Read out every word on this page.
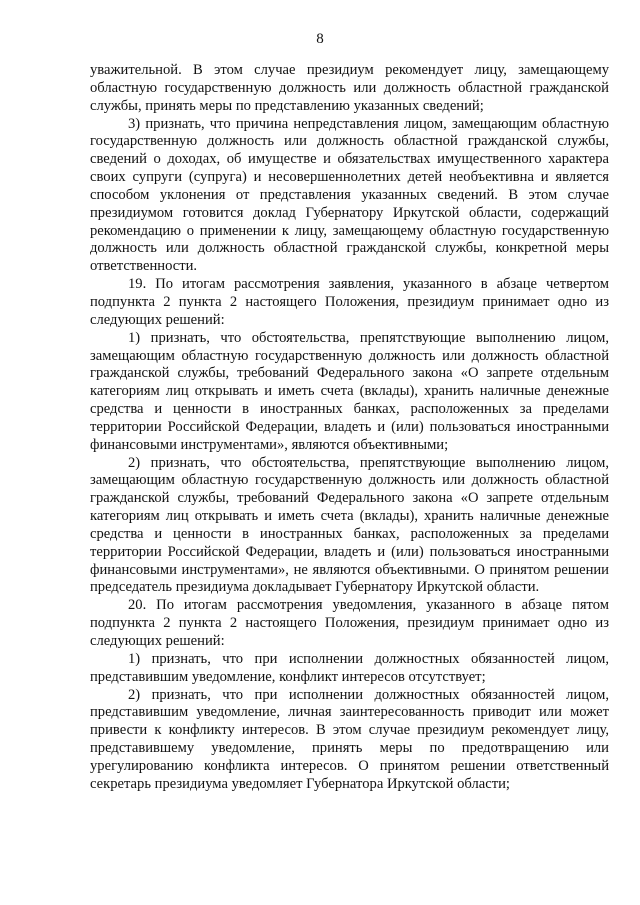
8

уважительной. В этом случае президиум рекомендует лицу, замещающему областную государственную должность или должность областной гражданской службы, принять меры по представлению указанных сведений;

3) признать, что причина непредставления лицом, замещающим областную государственную должность или должность областной гражданской службы, сведений о доходах, об имуществе и обязательствах имущественного характера своих супруги (супруга) и несовершеннолетних детей необъективна и является способом уклонения от представления указанных сведений. В этом случае президиумом готовится доклад Губернатору Иркутской области, содержащий рекомендацию о применении к лицу, замещающему областную государственную должность или должность областной гражданской службы, конкретной меры ответственности.

19. По итогам рассмотрения заявления, указанного в абзаце четвертом подпункта 2 пункта 2 настоящего Положения, президиум принимает одно из следующих решений:

1) признать, что обстоятельства, препятствующие выполнению лицом, замещающим областную государственную должность или должность областной гражданской службы, требований Федерального закона «О запрете отдельным категориям лиц открывать и иметь счета (вклады), хранить наличные денежные средства и ценности в иностранных банках, расположенных за пределами территории Российской Федерации, владеть и (или) пользоваться иностранными финансовыми инструментами», являются объективными;

2) признать, что обстоятельства, препятствующие выполнению лицом, замещающим областную государственную должность или должность областной гражданской службы, требований Федерального закона «О запрете отдельным категориям лиц открывать и иметь счета (вклады), хранить наличные денежные средства и ценности в иностранных банках, расположенных за пределами территории Российской Федерации, владеть и (или) пользоваться иностранными финансовыми инструментами», не являются объективными. О принятом решении председатель президиума докладывает Губернатору Иркутской области.

20. По итогам рассмотрения уведомления, указанного в абзаце пятом подпункта 2 пункта 2 настоящего Положения, президиум принимает одно из следующих решений:

1) признать, что при исполнении должностных обязанностей лицом, представившим уведомление, конфликт интересов отсутствует;

2) признать, что при исполнении должностных обязанностей лицом, представившим уведомление, личная заинтересованность приводит или может привести к конфликту интересов. В этом случае президиум рекомендует лицу, представившему уведомление, принять меры по предотвращению или урегулированию конфликта интересов. О принятом решении ответственный секретарь президиума уведомляет Губернатора Иркутской области;
